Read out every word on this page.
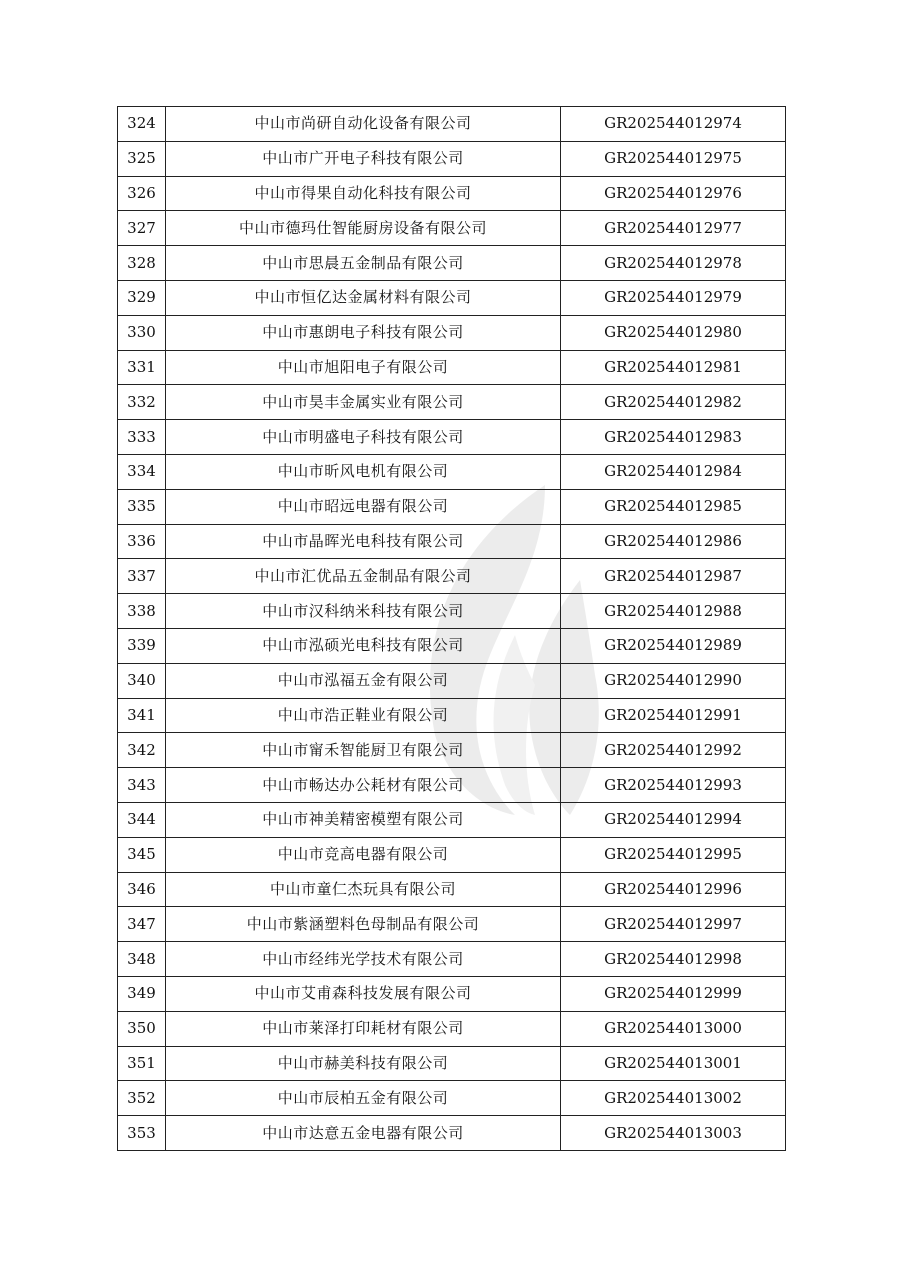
324	中山市尚研自动化设备有限公司	GR202544012974
325	中山市广开电子科技有限公司	GR202544012975
326	中山市得果自动化科技有限公司	GR202544012976
327	中山市德玛仕智能厨房设备有限公司	GR202544012977
328	中山市思晨五金制品有限公司	GR202544012978
329	中山市恒亿达金属材料有限公司	GR202544012979
330	中山市惠朗电子科技有限公司	GR202544012980
331	中山市旭阳电子有限公司	GR202544012981
332	中山市昊丰金属实业有限公司	GR202544012982
333	中山市明盛电子科技有限公司	GR202544012983
334	中山市昕风电机有限公司	GR202544012984
335	中山市昭远电器有限公司	GR202544012985
336	中山市晶晖光电科技有限公司	GR202544012986
337	中山市汇优品五金制品有限公司	GR202544012987
338	中山市汉科纳米科技有限公司	GR202544012988
339	中山市泓硕光电科技有限公司	GR202544012989
340	中山市泓福五金有限公司	GR202544012990
341	中山市浩正鞋业有限公司	GR202544012991
342	中山市甯禾智能厨卫有限公司	GR202544012992
343	中山市畅达办公耗材有限公司	GR202544012993
344	中山市神美精密模塑有限公司	GR202544012994
345	中山市竞高电器有限公司	GR202544012995
346	中山市童仁杰玩具有限公司	GR202544012996
347	中山市紫涵塑料色母制品有限公司	GR202544012997
348	中山市经纬光学技术有限公司	GR202544012998
349	中山市艾甫森科技发展有限公司	GR202544012999
350	中山市莱泽打印耗材有限公司	GR202544013000
351	中山市赫美科技有限公司	GR202544013001
352	中山市辰柏五金有限公司	GR202544013002
353	中山市达意五金电器有限公司	GR202544013003
